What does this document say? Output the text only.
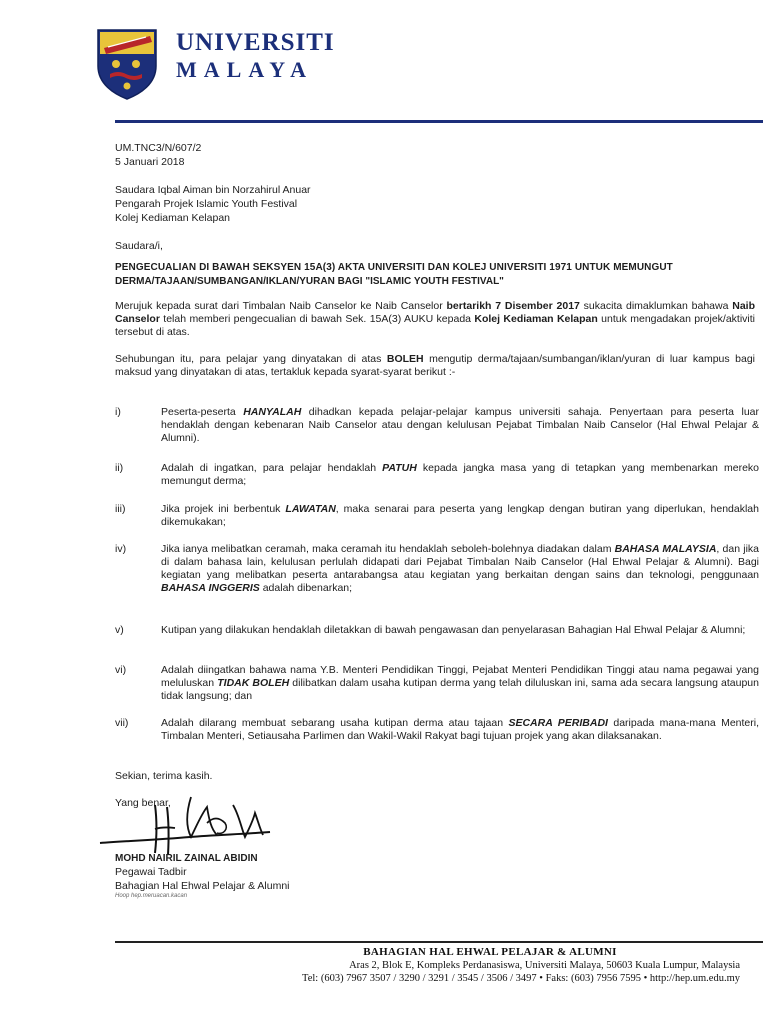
UNIVERSITI
MALAYA
UM.TNC3/N/607/2
5 Januari 2018
Saudara Iqbal Aiman bin Norzahirul Anuar
Pengarah Projek Islamic Youth Festival
Kolej Kediaman Kelapan
Saudara/i,
PENGECUALIAN DI BAWAH SEKSYEN 15A(3) AKTA UNIVERSITI DAN KOLEJ UNIVERSITI 1971 UNTUK MEMUNGUT
DERMA/TAJAAN/SUMBANGAN/IKLAN/YURAN BAGI "ISLAMIC YOUTH FESTIVAL"
Merujuk kepada surat dari Timbalan Naib Canselor ke Naib Canselor bertarikh 7 Disember 2017 sukacita dimaklumkan bahawa Naib Canselor telah memberi pengecualian di bawah Sek. 15A(3) AUKU kepada Kolej Kediaman Kelapan untuk mengadakan projek/aktiviti tersebut di atas.
Sehubungan itu, para pelajar yang dinyatakan di atas BOLEH mengutip derma/tajaan/sumbangan/iklan/yuran di luar kampus bagi maksud yang dinyatakan di atas, tertakluk kepada syarat-syarat berikut :-
i)	Peserta-peserta HANYALAH dihadkan kepada pelajar-pelajar kampus universiti sahaja. Penyertaan para peserta luar hendaklah dengan kebenaran Naib Canselor atau dengan kelulusan Pejabat Timbalan Naib Canselor (Hal Ehwal Pelajar & Alumni).
ii)	Adalah di ingatkan, para pelajar hendaklah PATUH kepada jangka masa yang di tetapkan yang membenarkan mereko memungut derma;
iii)	Jika projek ini berbentuk LAWATAN, maka senarai para peserta yang lengkap dengan butiran yang diperlukan, hendaklah dikemukakan;
iv)	Jika ianya melibatkan ceramah, maka ceramah itu hendaklah seboleh-bolehnya diadakan dalam BAHASA MALAYSIA, dan jika di dalam bahasa lain, kelulusan perlulah didapati dari Pejabat Timbalan Naib Canselor (Hal Ehwal Pelajar & Alumni). Bagi kegiatan yang melibatkan peserta antarabangsa atau kegiatan yang berkaitan dengan sains dan teknologi, penggunaan BAHASA INGGERIS adalah dibenarkan;
v)	Kutipan yang dilakukan hendaklah diletakkan di bawah pengawasan dan penyelarasan Bahagian Hal Ehwal Pelajar & Alumni;
vi)	Adalah diingatkan bahawa nama Y.B. Menteri Pendidikan Tinggi, Pejabat Menteri Pendidikan Tinggi atau nama pegawai yang meluluskan TIDAK BOLEH dilibatkan dalam usaha kutipan derma yang telah diluluskan ini, sama ada secara langsung ataupun tidak langsung; dan
vii)	Adalah dilarang membuat sebarang usaha kutipan derma atau tajaan SECARA PERIBADI daripada mana-mana Menteri, Timbalan Menteri, Setiausaha Parlimen dan Wakil-Wakil Rakyat bagi tujuan projek yang akan dilaksanakan.
Sekian, terima kasih.
Yang benar,
MOHD NAIRIL ZAINAL ABIDIN
Pegawai Tadbir
Bahagian Hal Ehwal Pelajar & Alumni
Hoop hep.meruacan.kacan
BAHAGIAN HAL EHWAL PELAJAR & ALUMNI
Aras 2, Blok E, Kompleks Perdanasiswa, Universiti Malaya, 50603 Kuala Lumpur, Malaysia
Tel: (603) 7967 3507 / 3290 / 3291 / 3545 / 3506 / 3497 • Faks: (603) 7956 7595 • http://hep.um.edu.my
